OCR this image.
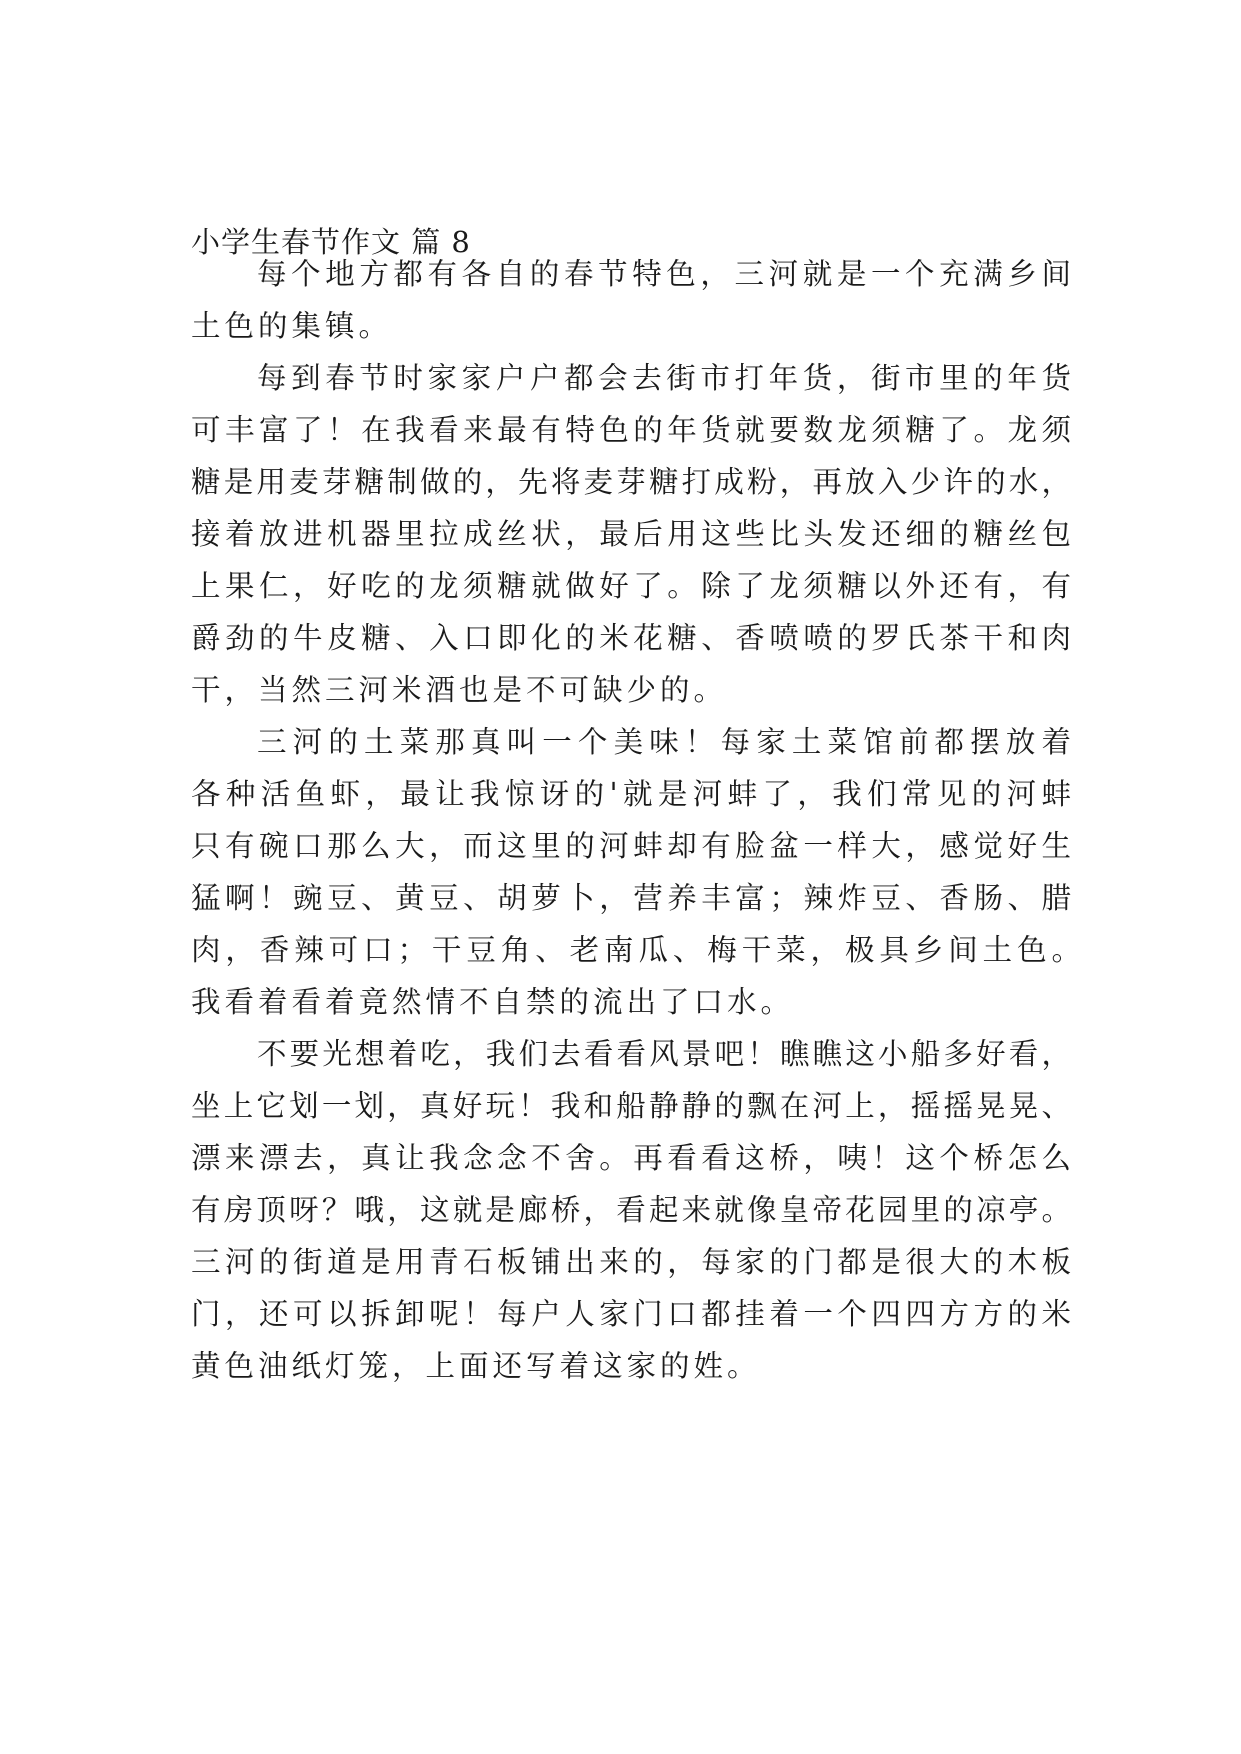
小学生春节作文 篇 8
每个地方都有各自的春节特色，三河就是一个充满乡间
土色的集镇。
每到春节时家家户户都会去街市打年货，街市里的年货
可丰富了！在我看来最有特色的年货就要数龙须糖了。龙须
糖是用麦芽糖制做的，先将麦芽糖打成粉，再放入少许的水，
接着放进机器里拉成丝状，最后用这些比头发还细的糖丝包
上果仁，好吃的龙须糖就做好了。除了龙须糖以外还有，有
爵劲的牛皮糖、入口即化的米花糖、香喷喷的罗氏茶干和肉
干，当然三河米酒也是不可缺少的。
三河的土菜那真叫一个美味！每家土菜馆前都摆放着
各种活鱼虾，最让我惊讶的'就是河蚌了，我们常见的河蚌
只有碗口那么大，而这里的河蚌却有脸盆一样大，感觉好生
猛啊！豌豆、黄豆、胡萝卜，营养丰富；辣炸豆、香肠、腊
肉，香辣可口；干豆角、老南瓜、梅干菜，极具乡间土色。
我看着看着竟然情不自禁的流出了口水。
不要光想着吃，我们去看看风景吧！瞧瞧这小船多好看，
坐上它划一划，真好玩！我和船静静的飘在河上，摇摇晃晃、
漂来漂去，真让我念念不舍。再看看这桥，咦！这个桥怎么
有房顶呀？哦，这就是廊桥，看起来就像皇帝花园里的凉亭。
三河的街道是用青石板铺出来的，每家的门都是很大的木板
门，还可以拆卸呢！每户人家门口都挂着一个四四方方的米
黄色油纸灯笼，上面还写着这家的姓。
